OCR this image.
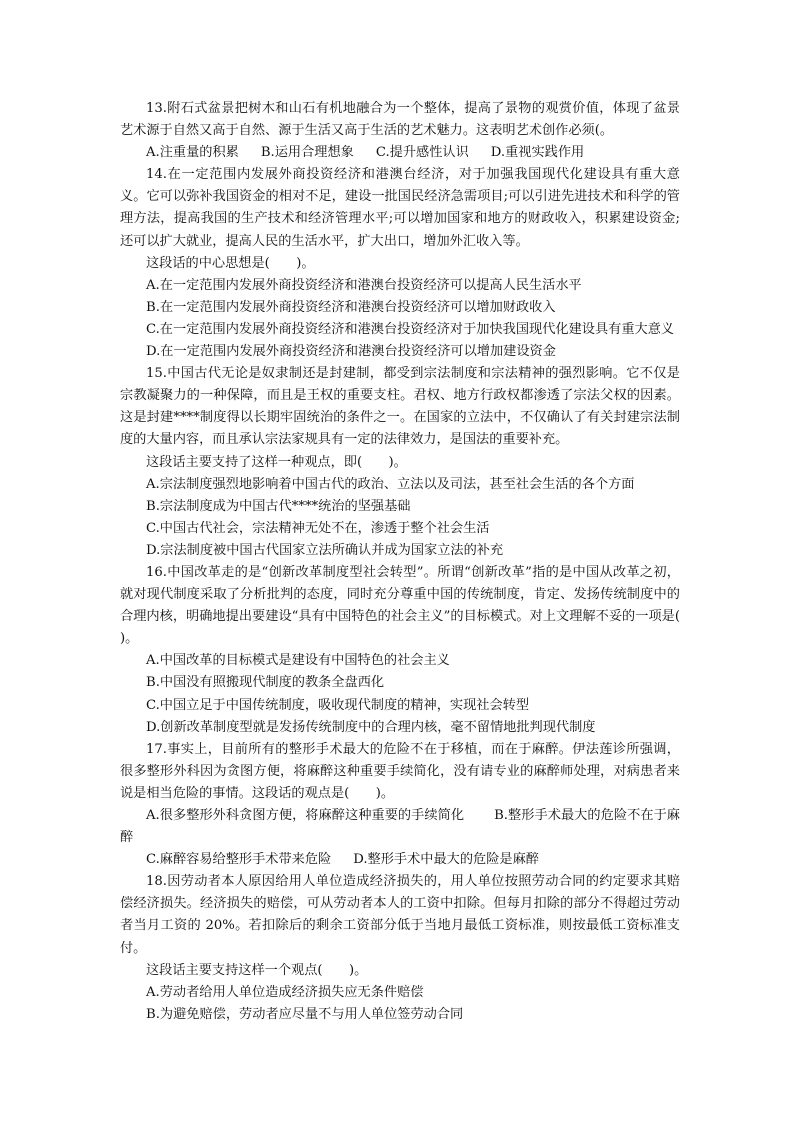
13.附石式盆景把树木和山石有机地融合为一个整体，提高了景物的观赏价值，体现了盆景艺术源于自然又高于自然、源于生活又高于生活的艺术魅力。这表明艺术创作必须(。

A.注重量的积累 B.运用合理想象 C.提升感性认识 D.重视实践作用

14.在一定范围内发展外商投资经济和港澳台经济，对于加强我国现代化建设具有重大意义。它可以弥补我国资金的相对不足，建设一批国民经济急需项目;可以引进先进技术和科学的管理方法，提高我国的生产技术和经济管理水平;可以增加国家和地方的财政收入，积累建设资金;还可以扩大就业，提高人民的生活水平，扩大出口，增加外汇收入等。

这段话的中心思想是(　　)。

A.在一定范围内发展外商投资经济和港澳台投资经济可以提高人民生活水平

B.在一定范围内发展外商投资经济和港澳台投资经济可以增加财政收入

C.在一定范围内发展外商投资经济和港澳台投资经济对于加快我国现代化建设具有重大意义

D.在一定范围内发展外商投资经济和港澳台投资经济可以增加建设资金

15.中国古代无论是奴隶制还是封建制，都受到宗法制度和宗法精神的强烈影响。它不仅是宗教凝聚力的一种保障，而且是王权的重要支柱。君权、地方行政权都渗透了宗法父权的因素。这是封建****制度得以长期牢固统治的条件之一。在国家的立法中，不仅确认了有关封建宗法制度的大量内容，而且承认宗法家规具有一定的法律效力，是国法的重要补充。

这段话主要支持了这样一种观点，即(　　)。

A.宗法制度强烈地影响着中国古代的政治、立法以及司法，甚至社会生活的各个方面

B.宗法制度成为中国古代****统治的坚强基础

C.中国古代社会，宗法精神无处不在，渗透于整个社会生活

D.宗法制度被中国古代国家立法所确认并成为国家立法的补充

16.中国改革走的是“创新改革制度型社会转型”。所谓“创新改革”指的是中国从改革之初，就对现代制度采取了分析批判的态度，同时充分尊重中国的传统制度，肯定、发扬传统制度中的合理内核，明确地提出要建设“具有中国特色的社会主义”的目标模式。对上文理解不妥的一项是(　　)。

A.中国改革的目标模式是建设有中国特色的社会主义

B.中国没有照搬现代制度的教条全盘西化

C.中国立足于中国传统制度，吸收现代制度的精神，实现社会转型

D.创新改革制度型就是发扬传统制度中的合理内核，毫不留情地批判现代制度

17.事实上，目前所有的整形手术最大的危险不在于移植，而在于麻醉。伊法莲诊所强调，很多整形外科因为贪图方便，将麻醉这种重要手续简化，没有请专业的麻醉师处理，对病患者来说是相当危险的事情。这段话的观点是(　　)。

A.很多整形外科贪图方便，将麻醉这种重要的手续简化 B.整形手术最大的危险不在于麻醉

C.麻醉容易给整形手术带来危险 D.整形手术中最大的危险是麻醉

18.因劳动者本人原因给用人单位造成经济损失的，用人单位按照劳动合同的约定要求其赔偿经济损失。经济损失的赔偿，可从劳动者本人的工资中扣除。但每月扣除的部分不得超过劳动者当月工资的 20%。若扣除后的剩余工资部分低于当地月最低工资标准，则按最低工资标准支付。

这段话主要支持这样一个观点(　　)。

A.劳动者给用人单位造成经济损失应无条件赔偿

B.为避免赔偿，劳动者应尽量不与用人单位签劳动合同
